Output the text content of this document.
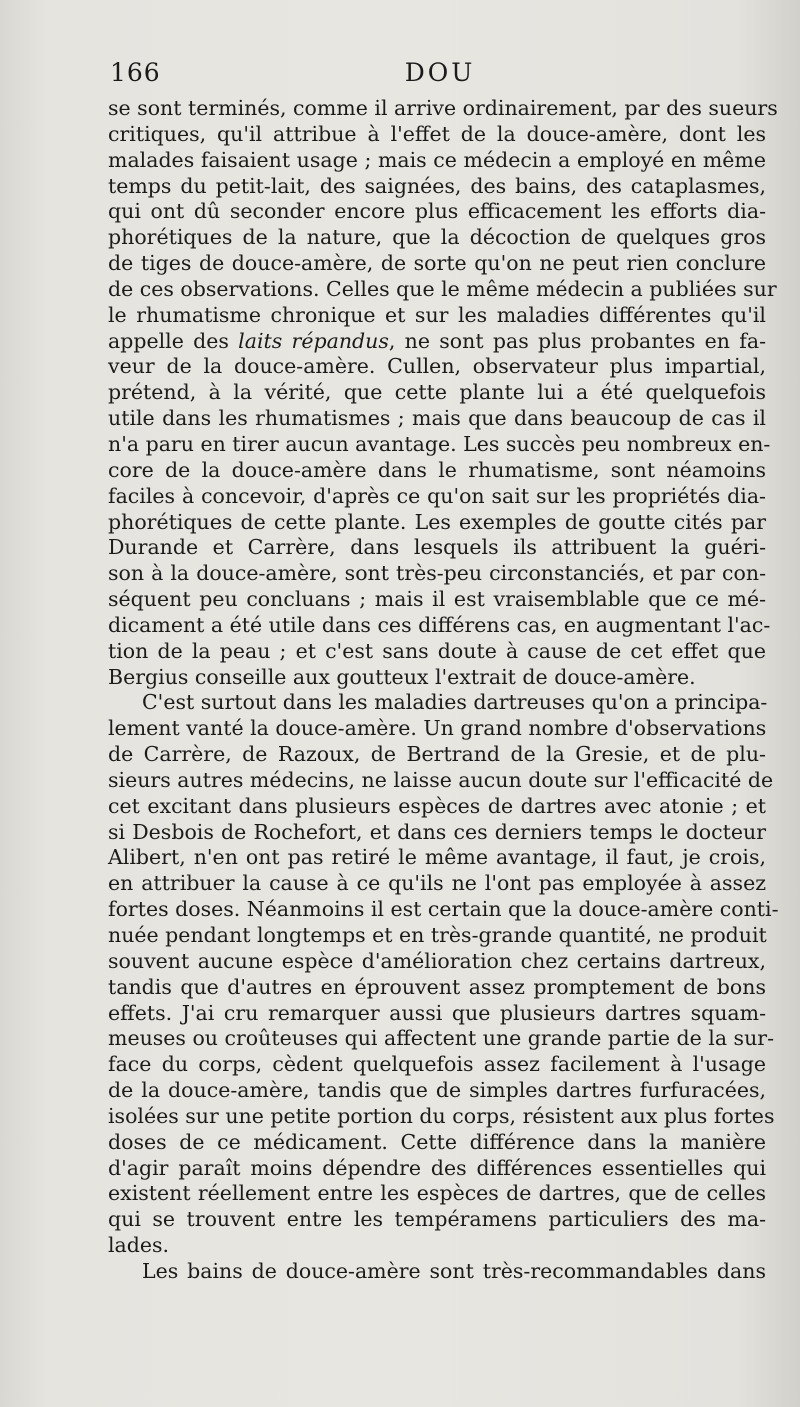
166	DOU
se sont terminés, comme il arrive ordinairement, par des sueurs
critiques, qu'il attribue à l'effet de la douce-amère, dont les
malades faisaient usage ; mais ce médecin a employé en même
temps du petit-lait, des saignées, des bains, des cataplasmes,
qui ont dû seconder encore plus efficacement les efforts dia-
phorétiques de la nature, que la décoction de quelques gros
de tiges de douce-amère, de sorte qu'on ne peut rien conclure
de ces observations. Celles que le même médecin a publiées sur
le rhumatisme chronique et sur les maladies différentes qu'il
appelle des laits répandus, ne sont pas plus probantes en fa-
veur de la douce-amère. Cullen, observateur plus impartial,
prétend, à la vérité, que cette plante lui a été quelquefois
utile dans les rhumatismes ; mais que dans beaucoup de cas il
n'a paru en tirer aucun avantage. Les succès peu nombreux en-
core de la douce-amère dans le rhumatisme, sont néamoins
faciles à concevoir, d'après ce qu'on sait sur les propriétés dia-
phorétiques de cette plante. Les exemples de goutte cités par
Durande et Carrère, dans lesquels ils attribuent la guéri-
son à la douce-amère, sont très-peu circonstanciés, et par con-
séquent peu concluans ; mais il est vraisemblable que ce mé-
dicament a été utile dans ces différens cas, en augmentant l'ac-
tion de la peau ; et c'est sans doute à cause de cet effet que
Bergius conseille aux goutteux l'extrait de douce-amère.
C'est surtout dans les maladies dartreuses qu'on a principa-
lement vanté la douce-amère. Un grand nombre d'observations
de Carrère, de Razoux, de Bertrand de la Gresie, et de plu-
sieurs autres médecins, ne laisse aucun doute sur l'efficacité de
cet excitant dans plusieurs espèces de dartres avec atonie ; et
si Desbois de Rochefort, et dans ces derniers temps le docteur
Alibert, n'en ont pas retiré le même avantage, il faut, je crois,
en attribuer la cause à ce qu'ils ne l'ont pas employée à assez
fortes doses. Néanmoins il est certain que la douce-amère conti-
nuée pendant longtemps et en très-grande quantité, ne produit
souvent aucune espèce d'amélioration chez certains dartreux,
tandis que d'autres en éprouvent assez promptement de bons
effets. J'ai cru remarquer aussi que plusieurs dartres squam-
meuses ou croûteuses qui affectent une grande partie de la sur-
face du corps, cèdent quelquefois assez facilement à l'usage
de la douce-amère, tandis que de simples dartres furfuracées,
isolées sur une petite portion du corps, résistent aux plus fortes
doses de ce médicament. Cette différence dans la manière
d'agir paraît moins dépendre des différences essentielles qui
existent réellement entre les espèces de dartres, que de celles
qui se trouvent entre les tempéramens particuliers des ma-
lades.
Les bains de douce-amère sont très-recommandables dans
